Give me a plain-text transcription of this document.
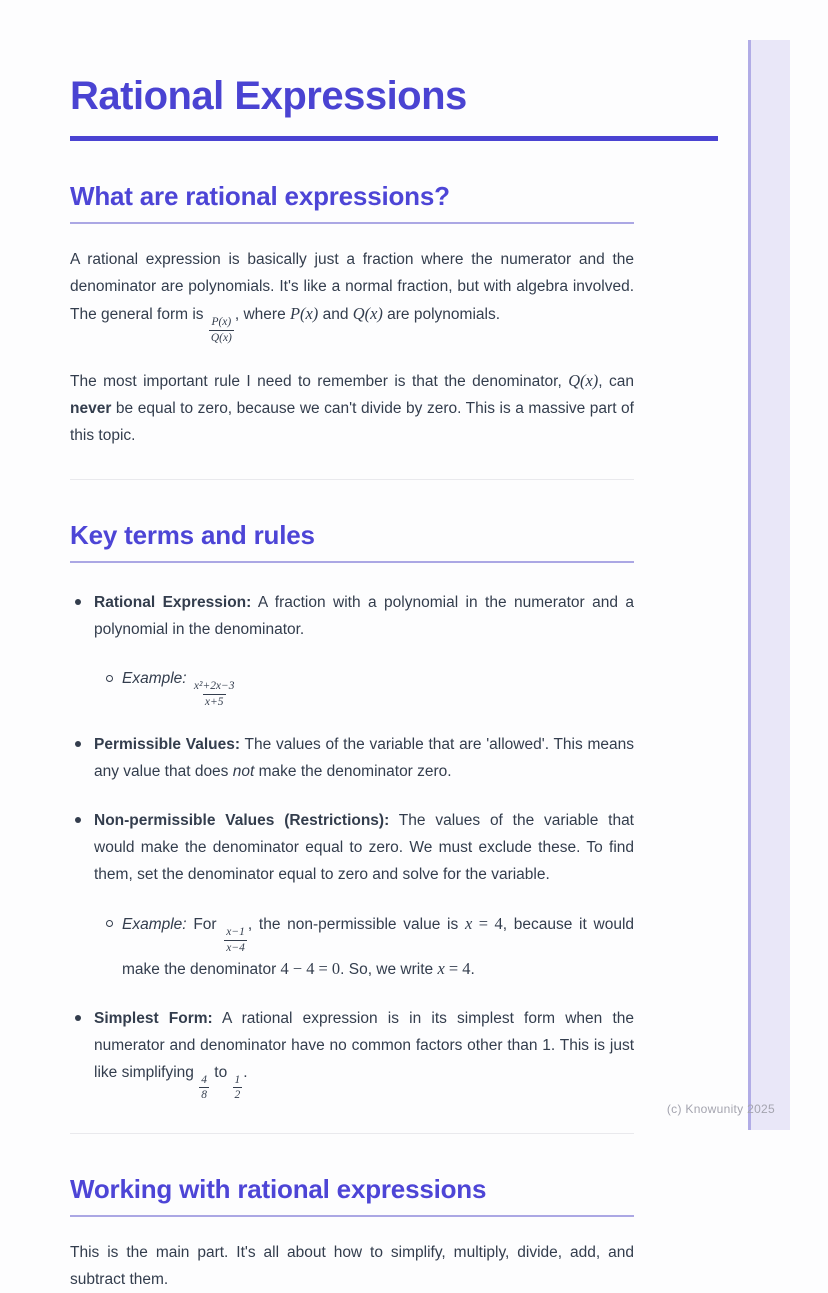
(c) Knowunity 2025
Rational Expressions
What are rational expressions?

A rational expression is basically just a fraction where the numerator and the denominator are polynomials. It's like a normal fraction, but with algebra involved. The general form is
$\frac{P(x)}{Q(x)}$
, where P(x) and Q(x) are polynomials.

The most important rule I need to remember is that the denominator, Q(x), can never be equal to zero, because we can't divide by zero. This is a massive part of this topic.

Key terms and rules
Rational Expression: A fraction with a polynomial in the numerator and a polynomial in the denominator.
Example:
$\frac{\text{x²+2x−3}}{x+5}$
Permissible Values: The values of the variable that are 'allowed'. This means any value that does not make the denominator zero.
Non-permissible Values (Restrictions): The values of the variable that would make the denominator equal to zero. We must exclude these. To find them, set the denominator equal to zero and solve for the variable.
Example: For
$\frac{x-1}{x-4}$
, the non-permissible value is x = 4, because it would make the denominator 4 − 4 = 0. So, we write x = 4.
Simplest Form: A rational expression is in its simplest form when the numerator and denominator have no common factors other than 1. This is just like simplifying
$\frac{4}{8}$
to
$\frac{1}{2}$
.
Working with rational expressions

This is the main part. It's all about how to simplify, multiply, divide, add, and subtract them.
